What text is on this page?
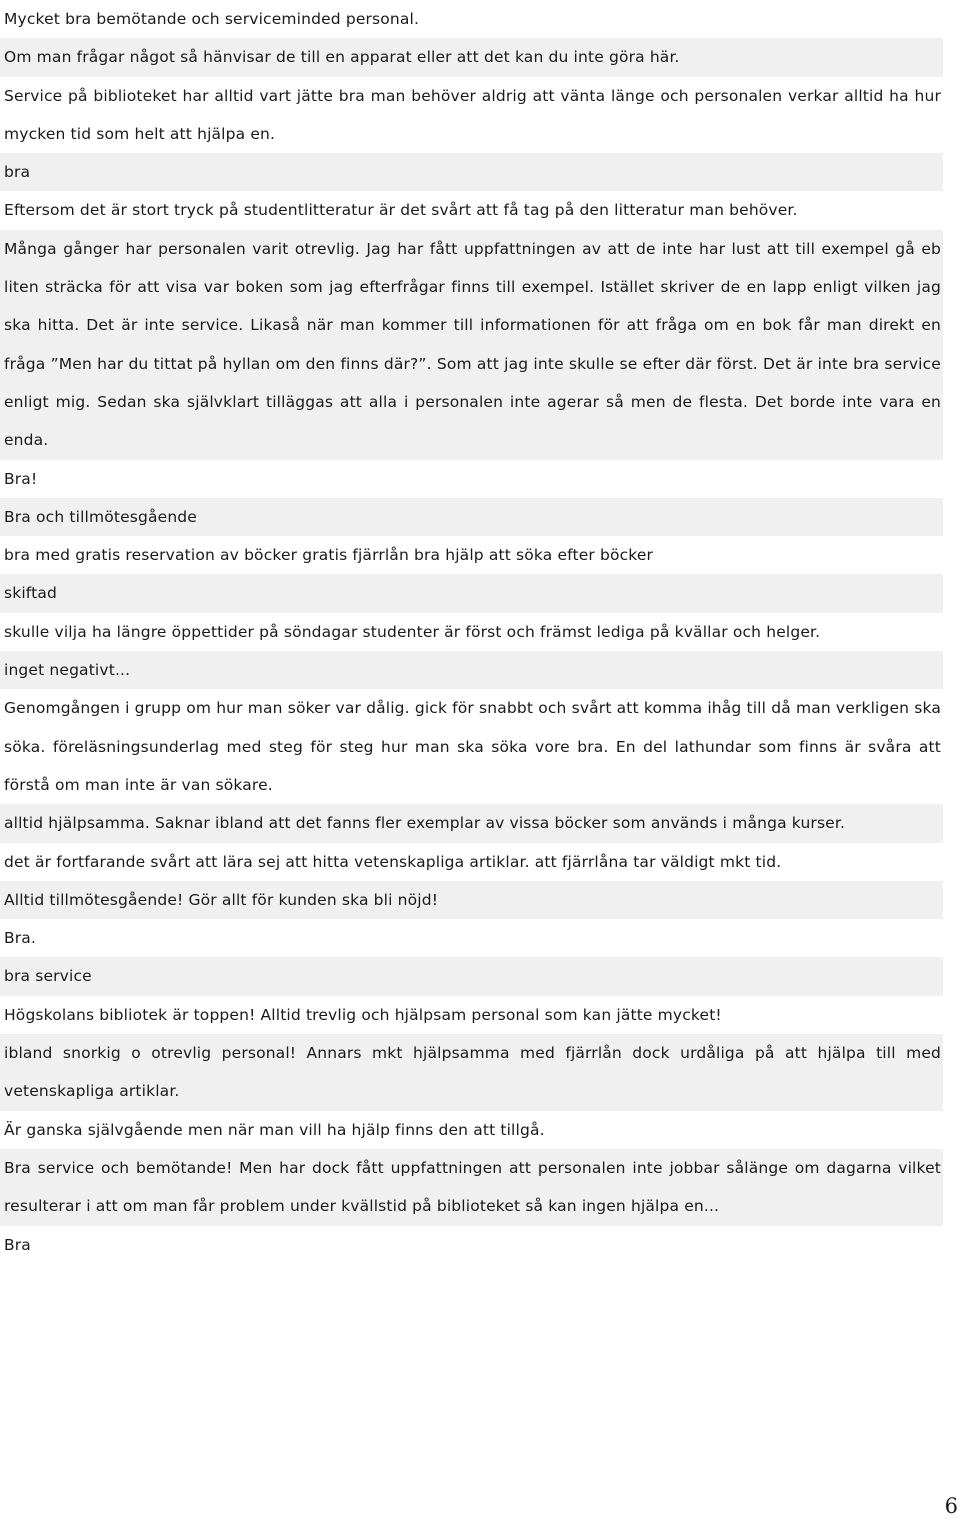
Mycket bra bemötande och serviceminded personal.
Om man frågar något så hänvisar de till en apparat eller att det kan du inte göra här.
Service på biblioteket har alltid vart jätte bra man behöver aldrig att vänta länge och personalen verkar alltid ha hur mycken tid som helt att hjälpa en.
bra
Eftersom det är stort tryck på studentlitteratur är det svårt att få tag på den litteratur man behöver.
Många gånger har personalen varit otrevlig. Jag har fått uppfattningen av att de inte har lust att till exempel gå eb liten sträcka för att visa var boken som jag efterfrågar finns till exempel. Istället skriver de en lapp enligt vilken jag ska hitta. Det är inte service. Likaså när man kommer till informationen för att fråga om en bok får man direkt en fråga ”Men har du tittat på hyllan om den finns där?”. Som att jag inte skulle se efter där först. Det är inte bra service enligt mig. Sedan ska självklart tilläggas att alla i personalen inte agerar så men de flesta. Det borde inte vara en enda.
Bra!
Bra och tillmötesgående
bra med gratis reservation av böcker gratis fjärrlån bra hjälp att söka efter böcker
skiftad
skulle vilja ha längre öppettider på söndagar studenter är först och främst lediga på kvällar och helger.
inget negativt...
Genomgången i grupp om hur man söker var dålig. gick för snabbt och svårt att komma ihåg till då man verkligen ska söka. föreläsningsunderlag med steg för steg hur man ska söka vore bra. En del lathundar som finns är svåra att förstå om man inte är van sökare.
alltid hjälpsamma. Saknar ibland att det fanns fler exemplar av vissa böcker som används i många kurser.
det är fortfarande svårt att lära sej att hitta vetenskapliga artiklar. att fjärrlåna tar väldigt mkt tid.
Alltid tillmötesgående! Gör allt för kunden ska bli nöjd!
Bra.
bra service
Högskolans bibliotek är toppen! Alltid trevlig och hjälpsam personal som kan jätte mycket!
ibland snorkig o otrevlig personal! Annars mkt hjälpsamma med fjärrlån dock urdåliga på att hjälpa till med vetenskapliga artiklar.
Är ganska självgående men när man vill ha hjälp finns den att tillgå.
Bra service och bemötande! Men har dock fått uppfattningen att personalen inte jobbar sålänge om dagarna vilket resulterar i att om man får problem under kvällstid på biblioteket så kan ingen hjälpa en...
Bra
6
